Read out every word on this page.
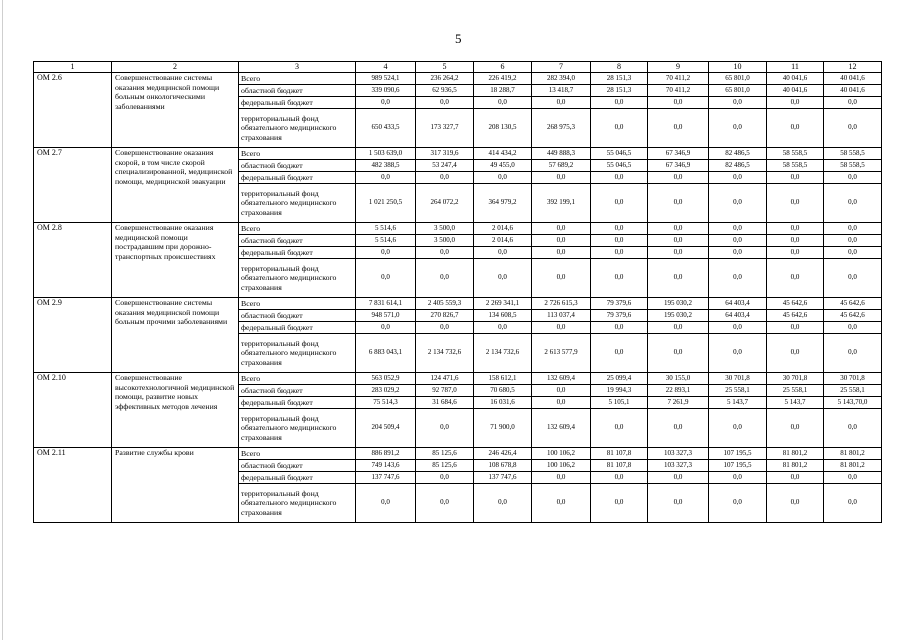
5
1	2	3	4	5	6	7	8	9	10	11	12
ОМ 2.6	Совершенствование системы оказания медицинской помощи больным онкологическими заболеваниями	Всего	989 524,1	236 264,2	226 419,2	282 394,0	28 151,3	70 411,2	65 801,0	40 041,6	40 041,6
		областной бюджет	339 090,6	62 936,5	18 288,7	13 418,7	28 151,3	70 411,2	65 801,0	40 041,6	40 041,6
		федеральный бюджет	0,0	0,0	0,0	0,0	0,0	0,0	0,0	0,0	0,0
		территориальный фонд обязательного медицинского страхования	650 433,5	173 327,7	208 130,5	268 975,3	0,0	0,0	0,0	0,0	0,0
ОМ 2.7	Совершенствование оказания скорой, в том числе скорой специализированной, медицинской помощи, медицинской эвакуации	Всего	1 503 639,0	317 319,6	414 434,2	449 888,3	55 046,5	67 346,9	82 486,5	58 558,5	58 558,5
		областной бюджет	482 388,5	53 247,4	49 455,0	57 689,2	55 046,5	67 346,9	82 486,5	58 558,5	58 558,5
		федеральный бюджет	0,0	0,0	0,0	0,0	0,0	0,0	0,0	0,0	0,0
		территориальный фонд обязательного медицинского страхования	1 021 250,5	264 072,2	364 979,2	392 199,1	0,0	0,0	0,0	0,0	0,0
ОМ 2.8	Совершенствование оказания медицинской помощи пострадавшим при дорожно-транспортных происшествиях	Всего	5 514,6	3 500,0	2 014,6	0,0	0,0	0,0	0,0	0,0	0,0
		областной бюджет	5 514,6	3 500,0	2 014,6	0,0	0,0	0,0	0,0	0,0	0,0
		федеральный бюджет	0,0	0,0	0,0	0,0	0,0	0,0	0,0	0,0	0,0
		территориальный фонд обязательного медицинского страхования	0,0	0,0	0,0	0,0	0,0	0,0	0,0	0,0	0,0
ОМ 2.9	Совершенствование системы оказания медицинской помощи больным прочими заболеваниями	Всего	7 831 614,1	2 405 559,3	2 269 341,1	2 726 615,3	79 379,6	195 030,2	64 403,4	45 642,6	45 642,6
		областной бюджет	948 571,0	270 826,7	134 608,5	113 037,4	79 379,6	195 030,2	64 403,4	45 642,6	45 642,6
		федеральный бюджет	0,0	0,0	0,0	0,0	0,0	0,0	0,0	0,0	0,0
		территориальный фонд обязательного медицинского страхования	6 883 043,1	2 134 732,6	2 134 732,6	2 613 577,9	0,0	0,0	0,0	0,0	0,0
ОМ 2.10	Совершенствование высокотехнологичной медицинской помощи, развитие новых эффективных методов лечения	Всего	563 052,9	124 471,6	158 612,1	132 609,4	25 099,4	30 155,0	30 701,8	30 701,8	30 701,8
		областной бюджет	283 029,2	92 787,0	70 680,5	0,0	19 994,3	22 893,1	25 558,1	25 558,1	25 558,1
		федеральный бюджет	75 514,3	31 684,6	16 031,6	0,0	5 105,1	7 261,9	5 143,7	5 143,7	5 143,70,0
		территориальный фонд обязательного медицинского страхования	204 509,4	0,0	71 900,0	132 609,4	0,0	0,0	0,0	0,0	0,0
ОМ 2.11	Развитие службы крови	Всего	886 891,2	85 125,6	246 426,4	100 106,2	81 107,8	103 327,3	107 195,5	81 801,2	81 801,2
		областной бюджет	749 143,6	85 125,6	108 678,8	100 106,2	81 107,8	103 327,3	107 195,5	81 801,2	81 801,2
		федеральный бюджет	137 747,6	0,0	137 747,6	0,0	0,0	0,0	0,0	0,0	0,0
		территориальный фонд обязательного медицинского страхования	0,0	0,0	0,0	0,0	0,0	0,0	0,0	0,0	0,0
